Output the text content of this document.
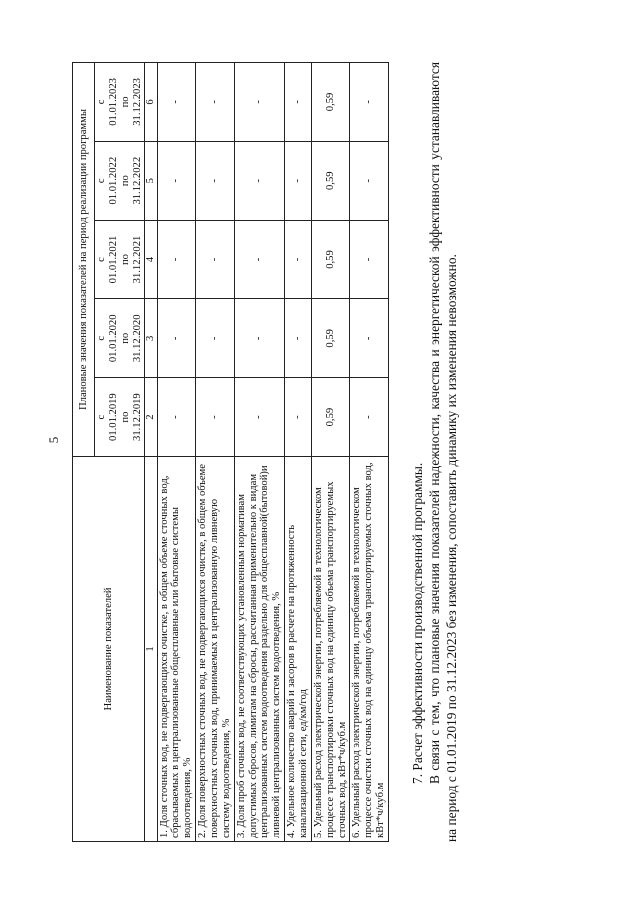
5
Наименование показателей	Плановые значения показателей на период реализации программы				
	с
01.01.2019
по
31.12.2019	с
01.01.2020
по
31.12.2020	с
01.01.2021
по
31.12.2021	с
01.01.2022
по
31.12.2022	с
01.01.2023
по
31.12.2023
1	2	3	4	5	6
1. Доля сточных вод, не подвергающихся очистке, в общем объеме сточных вод, сбрасываемых в централизованные общесплавные или бытовые системы водоотведения, %	-	-	-	-	-
2. Доля поверхностных сточных вод, не подвергающихся очистке, в общем объеме поверхностных сточных вод, принимаемых в централизованную ливневую систему водоотведения, %	-	-	-	-	-
3. Доля проб сточных вод, не соответствующих установленным нормативам допустимых сбросов, лимитам на сбросы, рассчитанная применительно к видам централизованных систем водоотведения раздельно для общесплавной(бытовой)и ливневой централизованных систем водоотведения, %	-	-	-	-	-
4. Удельное количество аварий и засоров в расчете на протяженность канализационной сети, ед/км/год	-	-	-	-	-
5. Удельный расход электрической энергии, потребляемой в технологическом процессе транспортировки сточных вод на единицу объема транспортируемых сточных вод, кВт*ч/куб.м	0,59	0,59	0,59	0,59	0,59
6. Удельный расход электрической энергии, потребляемой в технологическом процессе очистки сточных вод на единицу объема транспортируемых сточных вод, кВт*ч/куб.м	-	-	-	-	-

7. Расчет эффективности производственной программы. В связи с тем, что плановые значения показателей надежности, качества и энергетической эффективности устанавливаются на период с 01.01.2019 по 31.12.2023 без изменения, сопоставить динамику их изменения невозможно.
